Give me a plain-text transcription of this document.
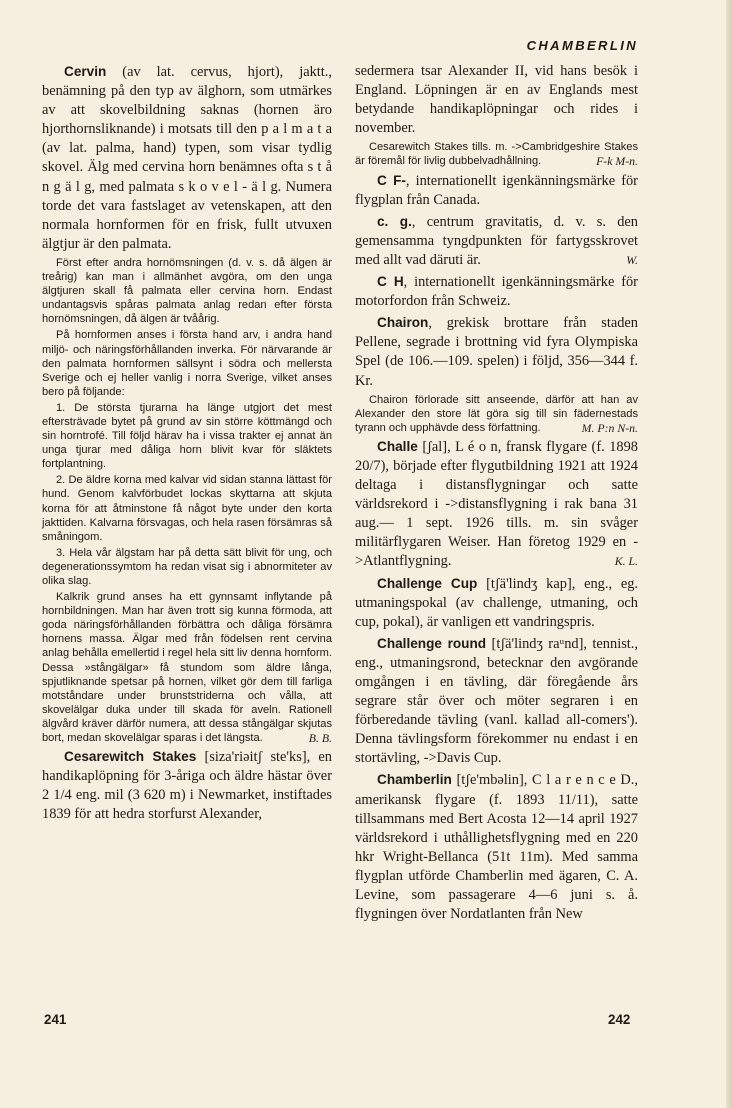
CHAMBERLIN

Cervin (av lat. cervus, hjort), jaktt., benämning på den typ av älghorn, som utmärkes av att skovelbildning saknas (hornen äro hjorthornsliknande) i motsats till den p a l m a t a (av lat. palma, hand) typen, som visar tydlig skovel. Älg med cervina horn benämnes ofta s t å n g ä l g, med palmata s k o v e l - ä l g. Numera torde det vara fastslaget av vetenskapen, att den normala hornformen för en frisk, fullt utvuxen älgtjur är den palmata.

Först efter andra hornömsningen (d. v. s. då älgen är treårig) kan man i allmänhet avgöra, om den unga älgtjuren skall få palmata eller cervina horn. Endast undantagsvis spåras palmata anlag redan efter första hornömsningen, då älgen är tvåårig.

På hornformen anses i första hand arv, i andra hand miljö- och näringsförhållanden inverka. För närvarande är den palmata hornformen sällsynt i södra och mellersta Sverige och ej heller vanlig i norra Sverige, vilket anses bero på följande:

1. De största tjurarna ha länge utgjort det mest eftersträvade bytet på grund av sin större köttmängd och sin horntrofé. Till följd härav ha i vissa trakter ej annat än unga tjurar med dåliga horn blivit kvar för släktets fortplantning.

2. De äldre korna med kalvar vid sidan stanna lättast för hund. Genom kalvförbudet lockas skyttarna att skjuta korna för att åtminstone få något byte under den korta jakttiden. Kalvarna försvagas, och hela rasen försämras så småningom.

3. Hela vår älgstam har på detta sätt blivit för ung, och degenerationssymtom ha redan visat sig i abnormiteter av olika slag.

Kalkrik grund anses ha ett gynnsamt inflytande på hornbildningen. Man har även trott sig kunna förmoda, att goda näringsförhållanden förbättra och dåliga försämra hornens massa. Älgar med från födelsen rent cervina anlag behålla emellertid i regel hela sitt liv denna hornform. Dessa »stångälgar» få stundom som äldre långa, spjutliknande spetsar på hornen, vilket gör dem till farliga motståndare under brunststriderna och vålla, att skovelälgar duka under till skada för aveln. Rationell älgvård kräver därför numera, att dessa stångälgar skjutas bort, medan skovelälgar sparas i det längsta.	B. B.

Cesarewitch Stakes [siza'riəitʃ ste'ks], en handikaplöpning för 3-åriga och äldre hästar över 2 1/4 eng. mil (3 620 m) i Newmarket, instiftades 1839 för att hedra storfurst Alexander,

sedermera tsar Alexander II, vid hans besök i England. Löpningen är en av Englands mest betydande handikaplöpningar och rides i november.

Cesarewitch Stakes tills. m. ->Cambridgeshire Stakes är föremål för livlig dubbelvadhållning.	F-k M-n.

C F-, internationellt igenkänningsmärke för flygplan från Canada.

c. g., centrum gravitatis, d. v. s. den gemensamma tyngdpunkten för fartygsskrovet med allt vad däruti är.	W.

C H, internationellt igenkänningsmärke för motorfordon från Schweiz.

Chairon, grekisk brottare från staden Pellene, segrade i brottning vid fyra Olympiska Spel (de 106.—109. spelen) i följd, 356—344 f. Kr.

Chairon förlorade sitt anseende, därför att han av Alexander den store lät göra sig till sin fädernestads tyrann och upphävde dess författning.	M. P:n N-n.

Challe [ʃal], L é o n, fransk flygare (f. 1898 20/7), började efter flygutbildning 1921 att 1924 deltaga i distansflygningar och satte världsrekord i ->distansflygning i rak bana 31 aug.— 1 sept. 1926 tills. m. sin svåger militärflygaren Weiser. Han företog 1929 en ->Atlantflygning.	K. L.

Challenge Cup [tʃä'lindʒ kap], eng., eg. utmaningspokal (av challenge, utmaning, och cup, pokal), är vanligen ett vandringspris.

Challenge round [tʃä'lindʒ raᵘnd], tennist., eng., utmaningsrond, betecknar den avgörande omgången i en tävling, där föregående års segrare står över och möter segraren i en förberedande tävling (vanl. kallad all-comers'). Denna tävlingsform förekommer nu endast i en stortävling, ->Davis Cup.

Chamberlin [tʃe'mbəlin], C l a r e n c e D., amerikansk flygare (f. 1893 11/11), satte tillsammans med Bert Acosta 12—14 april 1927 världsrekord i uthållighetsflygning med en 220 hkr Wright-Bellanca (51t 11m). Med samma flygplan utförde Chamberlin med ägaren, C. A. Levine, som passagerare 4—6 juni s. å. flygningen över Nordatlanten från New

241	242
